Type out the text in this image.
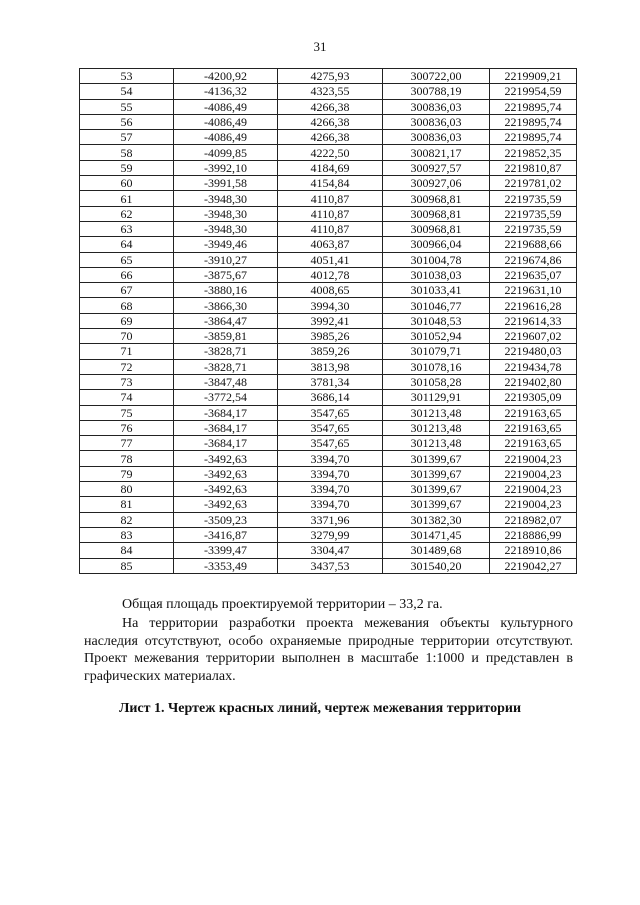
31
53	-4200,92	4275,93	300722,00	2219909,21
54	-4136,32	4323,55	300788,19	2219954,59
55	-4086,49	4266,38	300836,03	2219895,74
56	-4086,49	4266,38	300836,03	2219895,74
57	-4086,49	4266,38	300836,03	2219895,74
58	-4099,85	4222,50	300821,17	2219852,35
59	-3992,10	4184,69	300927,57	2219810,87
60	-3991,58	4154,84	300927,06	2219781,02
61	-3948,30	4110,87	300968,81	2219735,59
62	-3948,30	4110,87	300968,81	2219735,59
63	-3948,30	4110,87	300968,81	2219735,59
64	-3949,46	4063,87	300966,04	2219688,66
65	-3910,27	4051,41	301004,78	2219674,86
66	-3875,67	4012,78	301038,03	2219635,07
67	-3880,16	4008,65	301033,41	2219631,10
68	-3866,30	3994,30	301046,77	2219616,28
69	-3864,47	3992,41	301048,53	2219614,33
70	-3859,81	3985,26	301052,94	2219607,02
71	-3828,71	3859,26	301079,71	2219480,03
72	-3828,71	3813,98	301078,16	2219434,78
73	-3847,48	3781,34	301058,28	2219402,80
74	-3772,54	3686,14	301129,91	2219305,09
75	-3684,17	3547,65	301213,48	2219163,65
76	-3684,17	3547,65	301213,48	2219163,65
77	-3684,17	3547,65	301213,48	2219163,65
78	-3492,63	3394,70	301399,67	2219004,23
79	-3492,63	3394,70	301399,67	2219004,23
80	-3492,63	3394,70	301399,67	2219004,23
81	-3492,63	3394,70	301399,67	2219004,23
82	-3509,23	3371,96	301382,30	2218982,07
83	-3416,87	3279,99	301471,45	2218886,99
84	-3399,47	3304,47	301489,68	2218910,86
85	-3353,49	3437,53	301540,20	2219042,27
Общая площадь проектируемой территории – 33,2 га.
На территории разработки проекта межевания объекты культурного наследия отсутствуют, особо охраняемые природные территории отсутствуют. Проект межевания территории выполнен в масштабе 1:1000 и представлен в графических материалах.
Лист 1. Чертеж красных линий, чертеж межевания территории
